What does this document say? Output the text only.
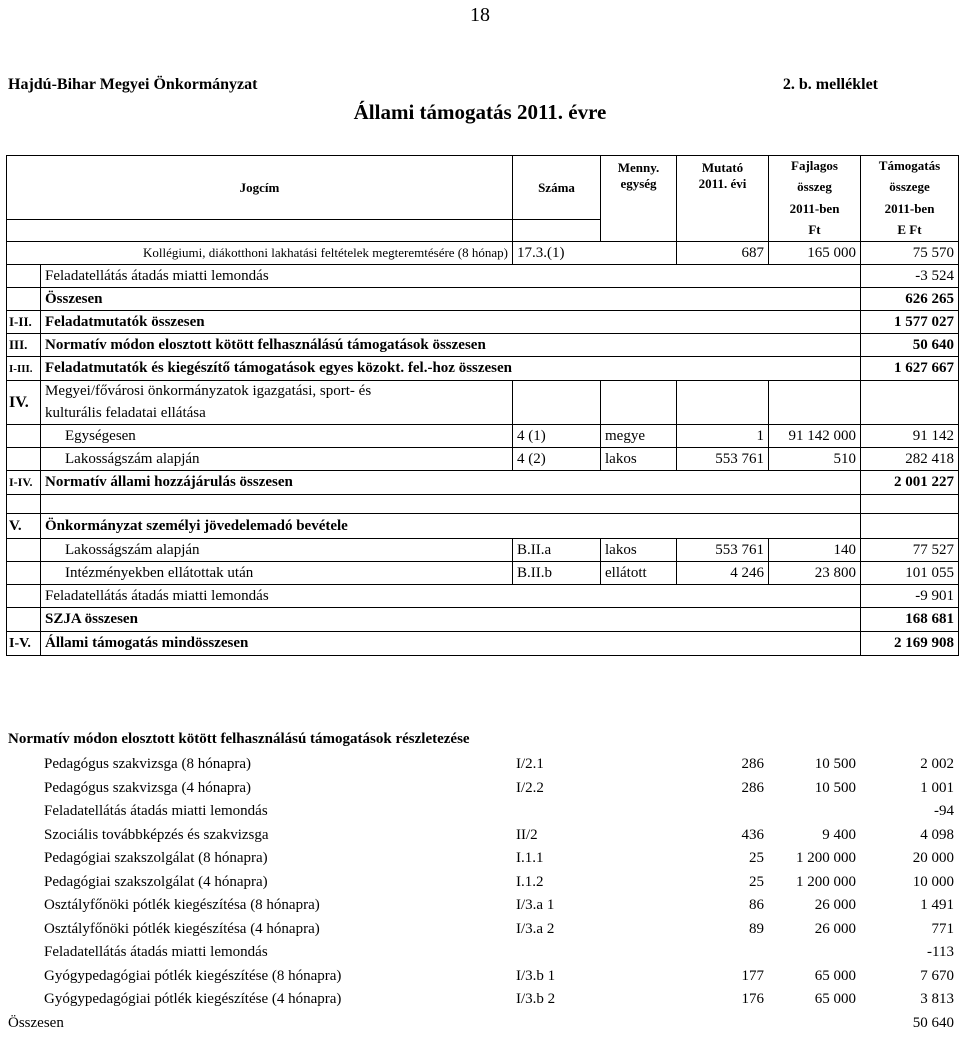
18
Hajdú-Bihar Megyei Önkormányzat	2. b. melléklet
Állami támogatás 2011. évre
Jogcím		Száma	Menny.	Mutató	Fajlagos	Támogatás
			egység	2011. évi	összeg	összege
					2011-ben	2011-ben
					Ft	E Ft
	Kollégiumi, diákotthoni lakhatási feltételek megteremtésére (8 hónap)	17.3.(1)		687	165 000	75 570
	Feladatellátás átadás miatti lemondás					-3 524
	Összesen					626 265
I-II.	Feladatmutatók összesen					1 577 027
III.	Normatív módon elosztott kötött felhasználású támogatások összesen					50 640
I-III.	Feladatmutatók és kiegészítő támogatások egyes közokt. fel.-hoz összesen					1 627 667
IV.	Megyei/fővárosi önkormányzatok igazgatási, sport- és					
	kulturális feladatai ellátása					
	Egységesen	4 (1)	megye	1	91 142 000	91 142
	Lakosságszám alapján	4 (2)	lakos	553 761	510	282 418
I-IV.	Normatív állami hozzájárulás összesen					2 001 227

V.	Önkormányzat személyi jövedelemadó bevétele					
	Lakosságszám alapján	B.II.a	lakos	553 761	140	77 527
	Intézményekben ellátottak után	B.II.b	ellátott	4 246	23 800	101 055
	Feladatellátás átadás miatti lemondás					-9 901
	SZJA összesen					168 681
I-V.	Állami támogatás mindösszesen					2 169 908
Normatív módon elosztott kötött felhasználású támogatások részletezése
	Pedagógus szakvizsga (8 hónapra)	I/2.1		286	10 500	2 002
	Pedagógus szakvizsga (4 hónapra)	I/2.2		286	10 500	1 001
	Feladatellátás átadás miatti lemondás					-94
	Szociális továbbképzés és szakvizsga	II/2		436	9 400	4 098
	Pedagógiai szakszolgálat (8 hónapra)	I.1.1		25	1 200 000	20 000
	Pedagógiai szakszolgálat (4 hónapra)	I.1.2		25	1 200 000	10 000
	Osztályfőnöki pótlék kiegészítésa (8 hónapra)	I/3.a 1		86	26 000	1 491
	Osztályfőnöki pótlék kiegészítésa (4 hónapra)	I/3.a 2		89	26 000	771
	Feladatellátás átadás miatti lemondás					-113
	Gyógypedagógiai pótlék kiegészítése (8 hónapra)	I/3.b 1		177	65 000	7 670
	Gyógypedagógiai pótlék kiegészítése (4 hónapra)	I/3.b 2		176	65 000	3 813
Összesen						50 640
